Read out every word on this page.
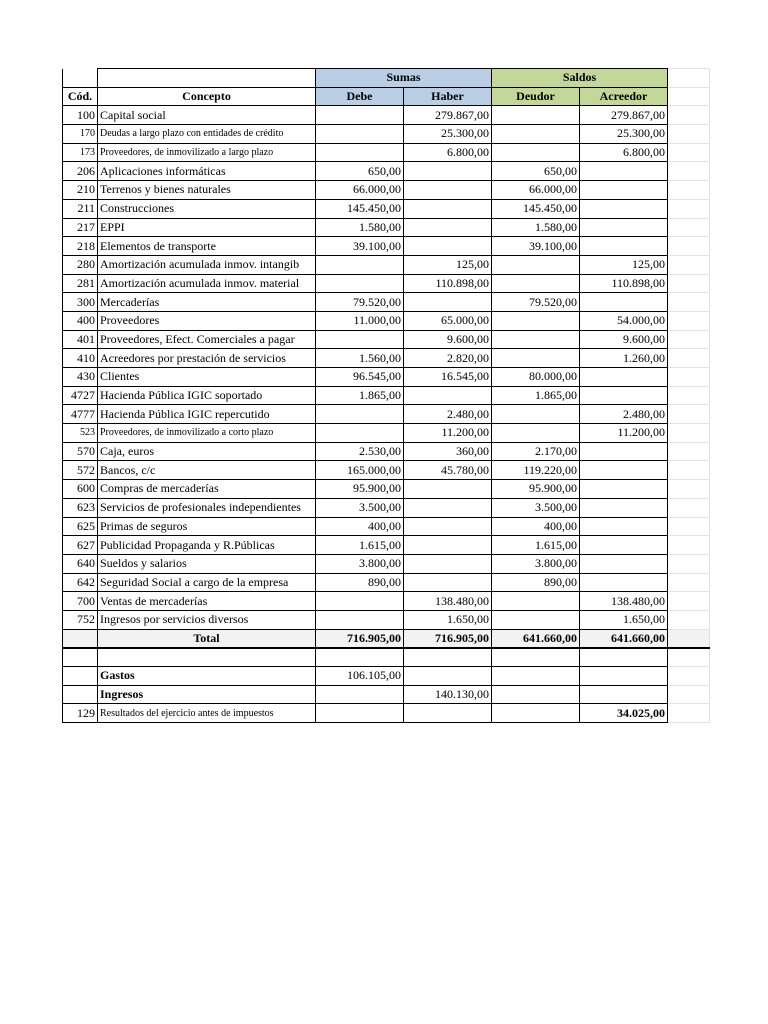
		Sumas		Saldos		
Cód.	Concepto	Debe	Haber	Deudor	Acreedor	
100	Capital social		279.867,00		279.867,00	
170	Deudas a largo plazo con entidades de crédito		25.300,00		25.300,00	
173	Proveedores, de inmovilizado a largo plazo		6.800,00		6.800,00	
206	Aplicaciones informáticas	650,00		650,00		
210	Terrenos y bienes naturales	66.000,00		66.000,00		
211	Construcciones	145.450,00		145.450,00		
217	EPPI	1.580,00		1.580,00		
218	Elementos de transporte	39.100,00		39.100,00		
280	Amortización acumulada inmov. intangib		125,00		125,00	
281	Amortización acumulada inmov. material		110.898,00		110.898,00	
300	Mercaderías	79.520,00		79.520,00		
400	Proveedores	11.000,00	65.000,00		54.000,00	
401	Proveedores, Efect. Comerciales a pagar		9.600,00		9.600,00	
410	Acreedores por prestación de servicios	1.560,00	2.820,00		1.260,00	
430	Clientes	96.545,00	16.545,00	80.000,00		
4727	Hacienda Pública IGIC soportado	1.865,00		1.865,00		
4777	Hacienda Pública IGIC repercutido		2.480,00		2.480,00	
523	Proveedores, de inmovilizado a corto plazo		11.200,00		11.200,00	
570	Caja, euros	2.530,00	360,00	2.170,00		
572	Bancos, c/c	165.000,00	45.780,00	119.220,00		
600	Compras de mercaderías	95.900,00		95.900,00		
623	Servicios de profesionales independientes	3.500,00		3.500,00		
625	Primas de seguros	400,00		400,00		
627	Publicidad Propaganda y R.Públicas	1.615,00		1.615,00		
640	Sueldos y salarios	3.800,00		3.800,00		
642	Seguridad Social a cargo de la empresa	890,00		890,00		
700	Ventas de mercaderías		138.480,00		138.480,00	
752	Ingresos por servicios diversos		1.650,00		1.650,00	
	Total	716.905,00	716.905,00	641.660,00	641.660,00	

	Gastos	106.105,00				
	Ingresos		140.130,00			
129	Resultados del ejercicio antes de impuestos				34.025,00	
